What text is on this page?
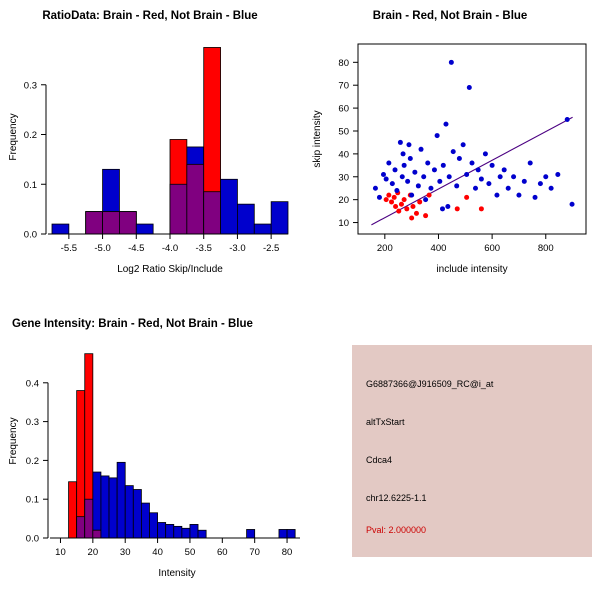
RatioData: Brain - Red, Not Brain - Blue
-5.5 -5.0 -4.5 -4.0 -3.5 -3.0 -2.5
0.0
0.1
0.2
0.3
Log2 Ratio Skip/Include
Frequency
Brain - Red, Not Brain - Blue
200	400	600	800
10
20
30
40
50
60
70
80
include intensity
skip intensity
Gene Intensity: Brain - Red, Not Brain - Blue
10 20 30 40 50 60 70 80
0.0
0.1
0.2
0.3
0.4
Intensity
Frequency

G6887366@J916509_RC@i_at

altTxStart

Cdca4

chr12.6225-1.1

Pval: 2.000000
